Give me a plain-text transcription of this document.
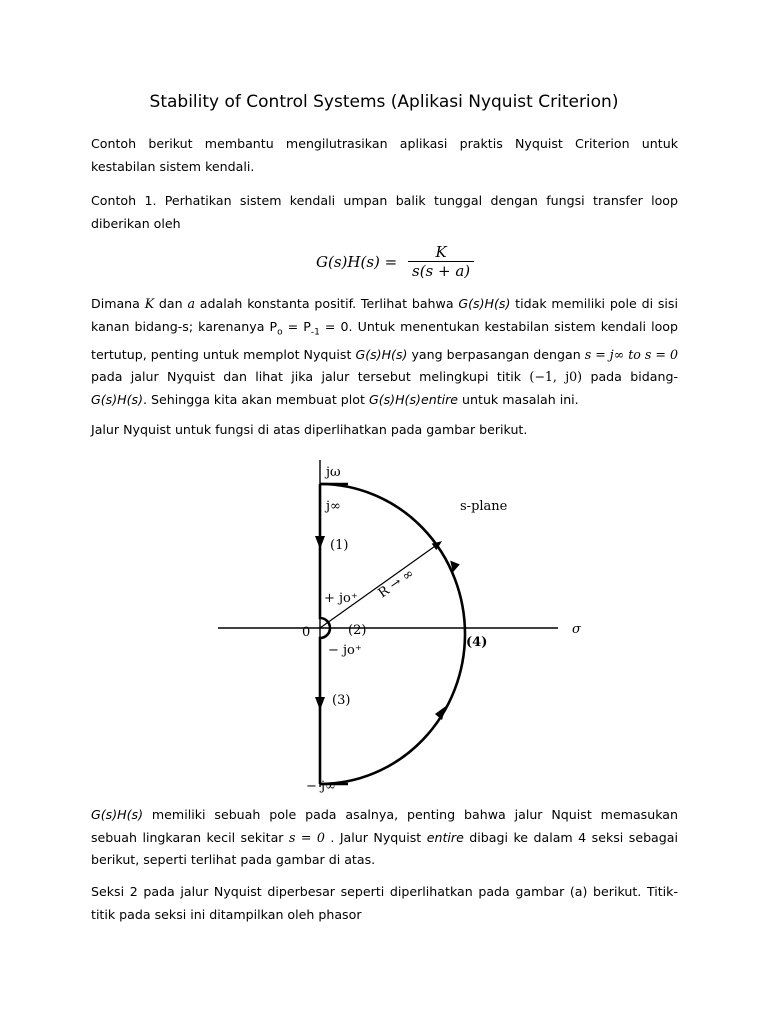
Stability of Control Systems (Aplikasi Nyquist Criterion)
Contoh berikut membantu mengilutrasikan aplikasi praktis Nyquist Criterion untuk kestabilan sistem kendali.
Contoh 1. Perhatikan sistem kendali umpan balik tunggal dengan fungsi transfer loop diberikan oleh
$G(s)H(s) = \frac{K}{s(s + a)}$
Dimana K dan a adalah konstanta positif. Terlihat bahwa G(s)H(s) tidak memiliki pole di sisi kanan bidang-s; karenanya $P_o = P_{-1} = 0$. Untuk menentukan kestabilan sistem kendali loop tertutup, penting untuk memplot Nyquist G(s)H(s) yang berpasangan dengan s = j∞ to s = 0 pada jalur Nyquist dan lihat jika jalur tersebut melingkupi titik (−1, j0) pada bidang- G(s)H(s). Sehingga kita akan membuat plot G(s)H(s)entire untuk masalah ini.
Jalur Nyquist untuk fungsi di atas diperlihatkan pada gambar berikut.
jω
σ
s-plane
j∞
− j∞
0
+ jo⁺
− jo⁺
R → ∞
(1)
(2)
(3)
(4)
G(s)H(s) memiliki sebuah pole pada asalnya, penting bahwa jalur Nquist memasukan sebuah lingkaran kecil sekitar s = 0 . Jalur Nyquist entire dibagi ke dalam 4 seksi sebagai berikut, seperti terlihat pada gambar di atas.
Seksi 2 pada jalur Nyquist diperbesar seperti diperlihatkan pada gambar (a) berikut. Titik-titik pada seksi ini ditampilkan oleh phasor
